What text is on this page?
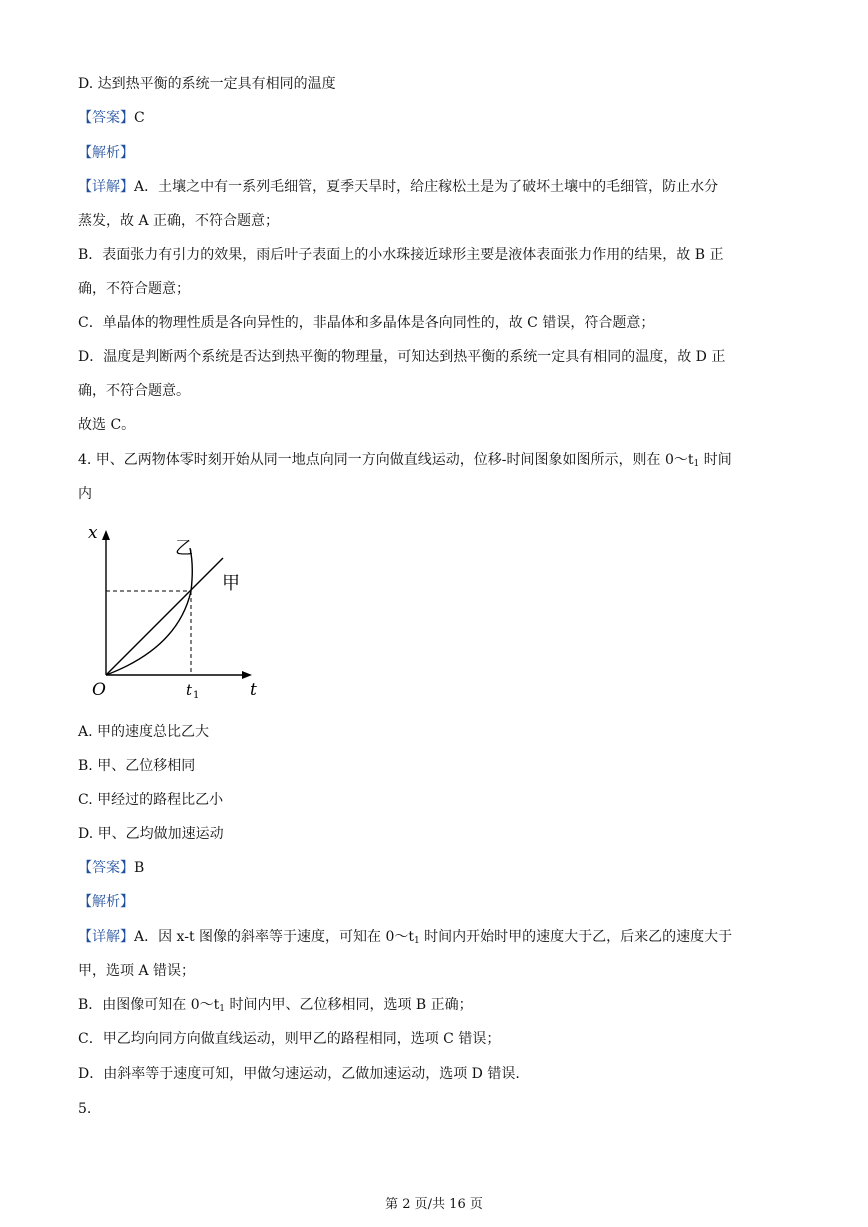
D. 达到热平衡的系统一定具有相同的温度
【答案】C
【解析】
【详解】A．土壤之中有一系列毛细管，夏季天旱时，给庄稼松土是为了破坏土壤中的毛细管，防止水分
蒸发，故 A 正确，不符合题意；
B．表面张力有引力的效果，雨后叶子表面上的小水珠接近球形主要是液体表面张力作用的结果，故 B 正
确，不符合题意；
C．单晶体的物理性质是各向异性的，非晶体和多晶体是各向同性的，故 C 错误，符合题意；
D．温度是判断两个系统是否达到热平衡的物理量，可知达到热平衡的系统一定具有相同的温度，故 D 正
确，不符合题意。
故选 C。
4. 甲、乙两物体零时刻开始从同一地点向同一方向做直线运动，位移-时间图象如图所示，则在 $0\sim t_1$ 时间
内
x
t
O	t 1
乙
甲
A. 甲的速度总比乙大
B. 甲、乙位移相同
C. 甲经过的路程比乙小
D. 甲、乙均做加速运动
【答案】B
【解析】
【详解】A．因 x-t 图像的斜率等于速度，可知在 $0\sim t_1$ 时间内开始时甲的速度大于乙，后来乙的速度大于
甲，选项 A 错误；
B．由图像可知在 $0\sim t_1$ 时间内甲、乙位移相同，选项 B 正确；
C．甲乙均向同方向做直线运动，则甲乙的路程相同，选项 C 错误；
D．由斜率等于速度可知，甲做匀速运动，乙做加速运动，选项 D 错误.
5.
第 2 页/共 16 页
